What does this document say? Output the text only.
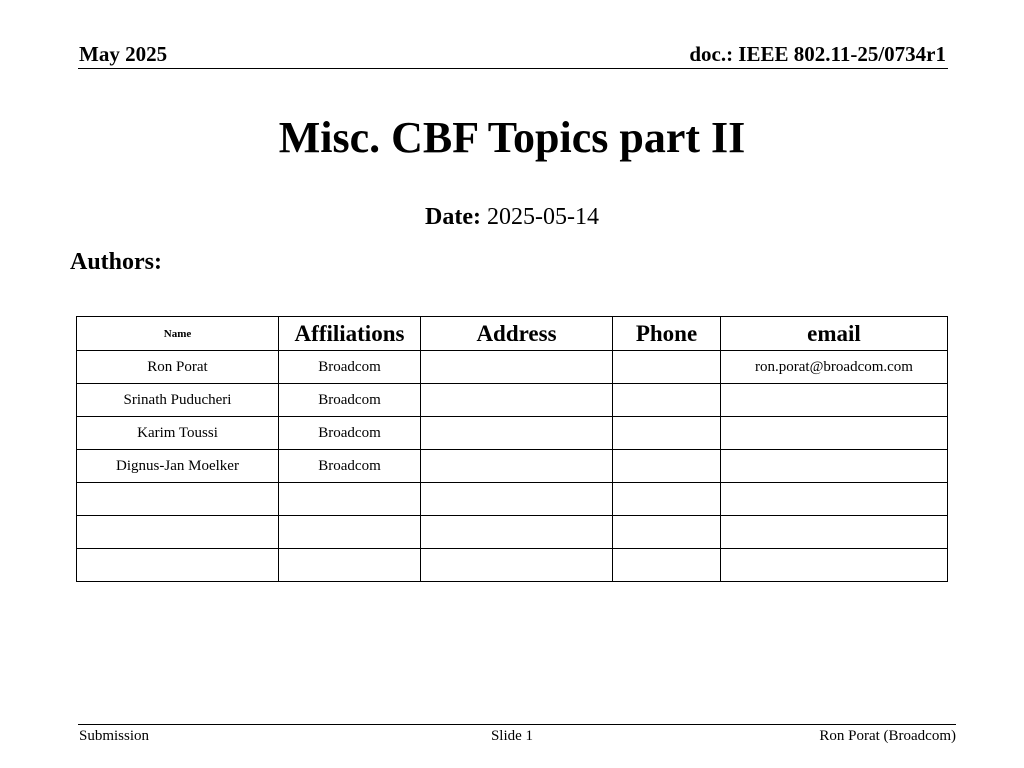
May 2025	doc.: IEEE 802.11-25/0734r1
Misc. CBF Topics part II
Date: 2025-05-14
Authors:
Name	Affiliations	Address	Phone	email
Ron Porat	Broadcom			ron.porat@broadcom.com
Srinath Puducheri	Broadcom			
Karim Toussi	Broadcom			
Dignus-Jan Moelker	Broadcom			

Submission	Slide 1	Ron Porat (Broadcom)
